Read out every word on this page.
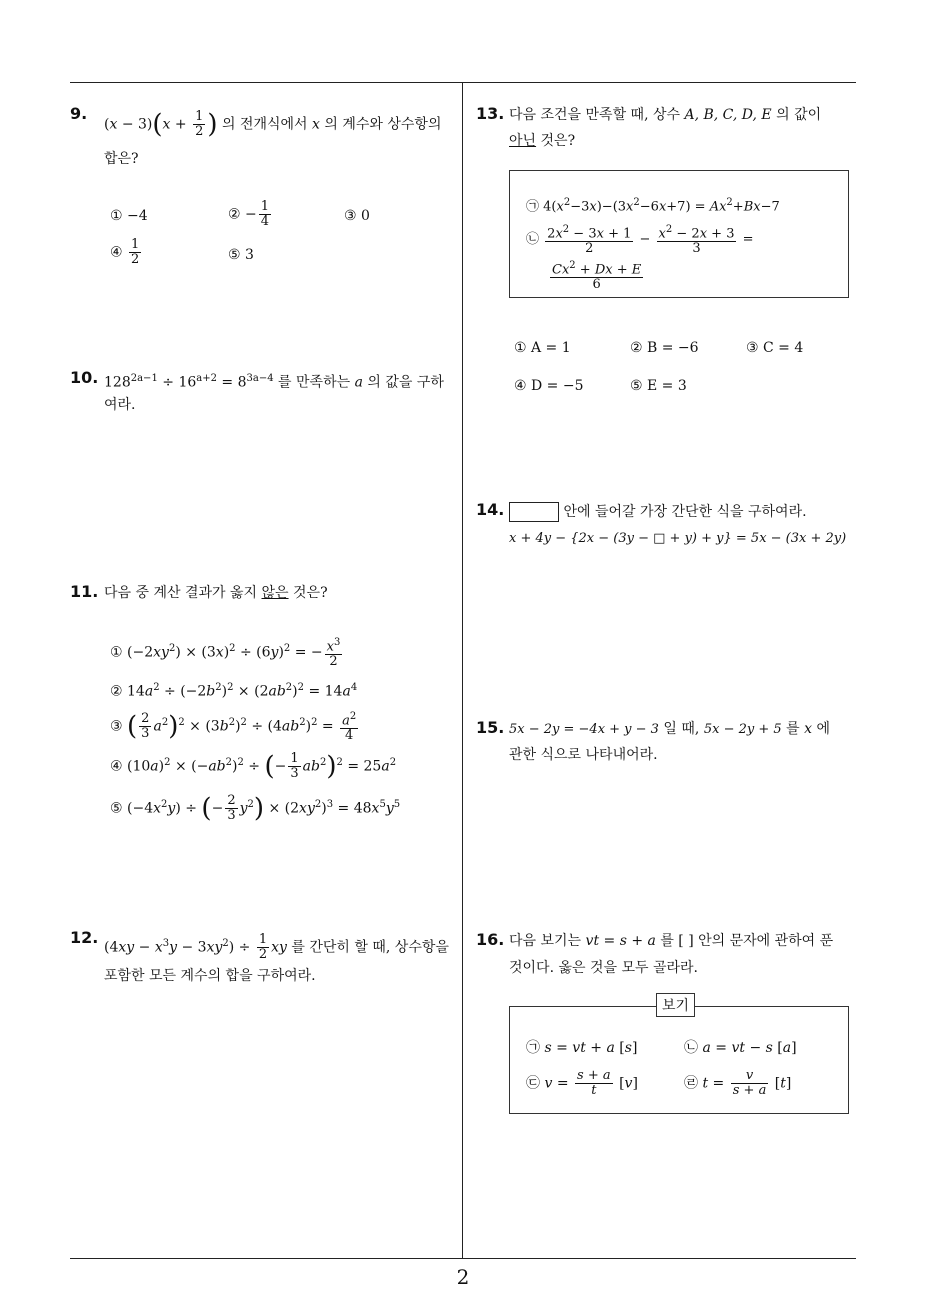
9.
$(x - 3)(x + \frac{1}{2}$ ) 의 전개식에서 x 의 계수와 상수항의
합은?
① −4	② − $\frac{1}{4}$	③ 0
④ $\frac{1}{2}$	⑤ 3
10. $128^{2a-1} \div 16^{a+2} = 8^{3a-4}$ 를 만족하는 a 의 값을 구하
여라.
11. 다음 중 계산 결과가 옳지 않은 것은?
① $(-2xy^2) \times (3x)^2 \div (6y)^2$ = − $\frac{x^3}{2}$
② $14a^2 \div (-2b^2)^2 \times (2ab^2)^2 = 14a^4$
③ ( $\frac{2}{3} a^2)^2 \times (3b^2)^2 \div (4ab^2)^2 = \frac{a^2}{4}$
④ $(10a)^2 \times (-ab^2)^2$ ÷ (− $\frac{1}{3} ab^2)^2 = 25a^2$
⑤ $(-4x^2y)$ ÷ (− $\frac{2}{3} y^2) \times (2xy^2)^3 = 48x^5y^5$
12.
$(4xy - x^3y - 3xy^2) \div \frac{1}{2}$ xy 를 간단히 할 때, 상수항을
포함한 모든 계수의 합을 구하여라.
13. 다음 조건을 만족할 때, 상수 A, B, C, D, E 의 값이
아닌 것은?
㉠ $4(x^2-3x)-(3x^2-6x+7) = Ax^2+Bx-7$
㉡ $\frac{2x^2 - 3x + 1}{2} - \frac{x^2 - 2x + 3}{3}$ =
$\frac{Cx^2 + Dx + E}{6}$
① A = 1	② B = −6	③ C = 4
④ D = −5	⑤ E = 3
14.	안에 들어갈 가장 간단한 식을 구하여라.
x + 4y − {2x − (3y − □ + y) + y} = 5x − (3x + 2y)
15. 5x − 2y = −4x + y − 3 일 때, 5x − 2y + 5 를 x 에
관한 식으로 나타내어라.
16. 다음 보기는 vt = s + a 를 [ ] 안의 문자에 관하여 푼
것이다. 옳은 것을 모두 골라라.
㉠ s = vt + a [s]	㉡ a = vt − s [a]
㉢ $v = \frac{s + a}{t} [v]$	㉣ $t = \frac{v}{s + a} [t]$
보기
2
